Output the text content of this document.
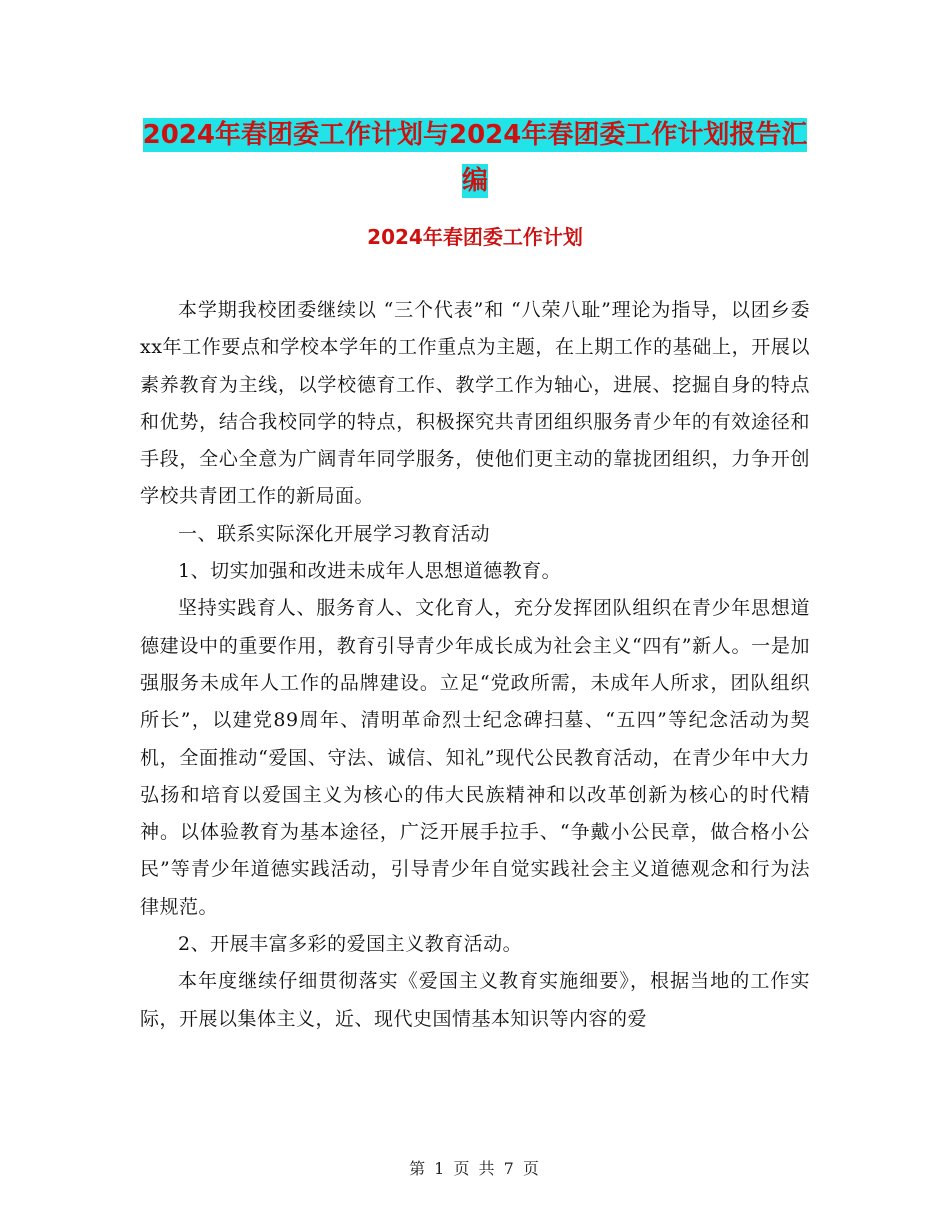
2024年春团委工作计划与2024年春团委工作计划报告汇编
2024年春团委工作计划

本学期我校团委继续以 “三个代表”和 “八荣八耻”理论为指导，以团乡委xx年工作要点和学校本学年的工作重点为主题，在上期工作的基础上，开展以素养教育为主线，以学校德育工作、教学工作为轴心，进展、挖掘自身的特点和优势，结合我校同学的特点，积极探究共青团组织服务青少年的有效途径和手段，全心全意为广阔青年同学服务，使他们更主动的靠拢团组织，力争开创学校共青团工作的新局面。

一、联系实际深化开展学习教育活动

1、切实加强和改进未成年人思想道德教育。

坚持实践育人、服务育人、文化育人，充分发挥团队组织在青少年思想道德建设中的重要作用，教育引导青少年成长成为社会主义“四有”新人。一是加强服务未成年人工作的品牌建设。立足“党政所需，未成年人所求，团队组织所长”，以建党89周年、清明革命烈士纪念碑扫墓、“五四”等纪念活动为契机，全面推动“爱国、守法、诚信、知礼”现代公民教育活动，在青少年中大力弘扬和培育以爱国主义为核心的伟大民族精神和以改革创新为核心的时代精神。以体验教育为基本途径，广泛开展手拉手、“争戴小公民章，做合格小公民”等青少年道德实践活动，引导青少年自觉实践社会主义道德观念和行为法律规范。

2、开展丰富多彩的爱国主义教育活动。

本年度继续仔细贯彻落实《爱国主义教育实施细要》，根据当地的工作实际，开展以集体主义，近、现代史国情基本知识等内容的爱

第 1 页 共 7 页
